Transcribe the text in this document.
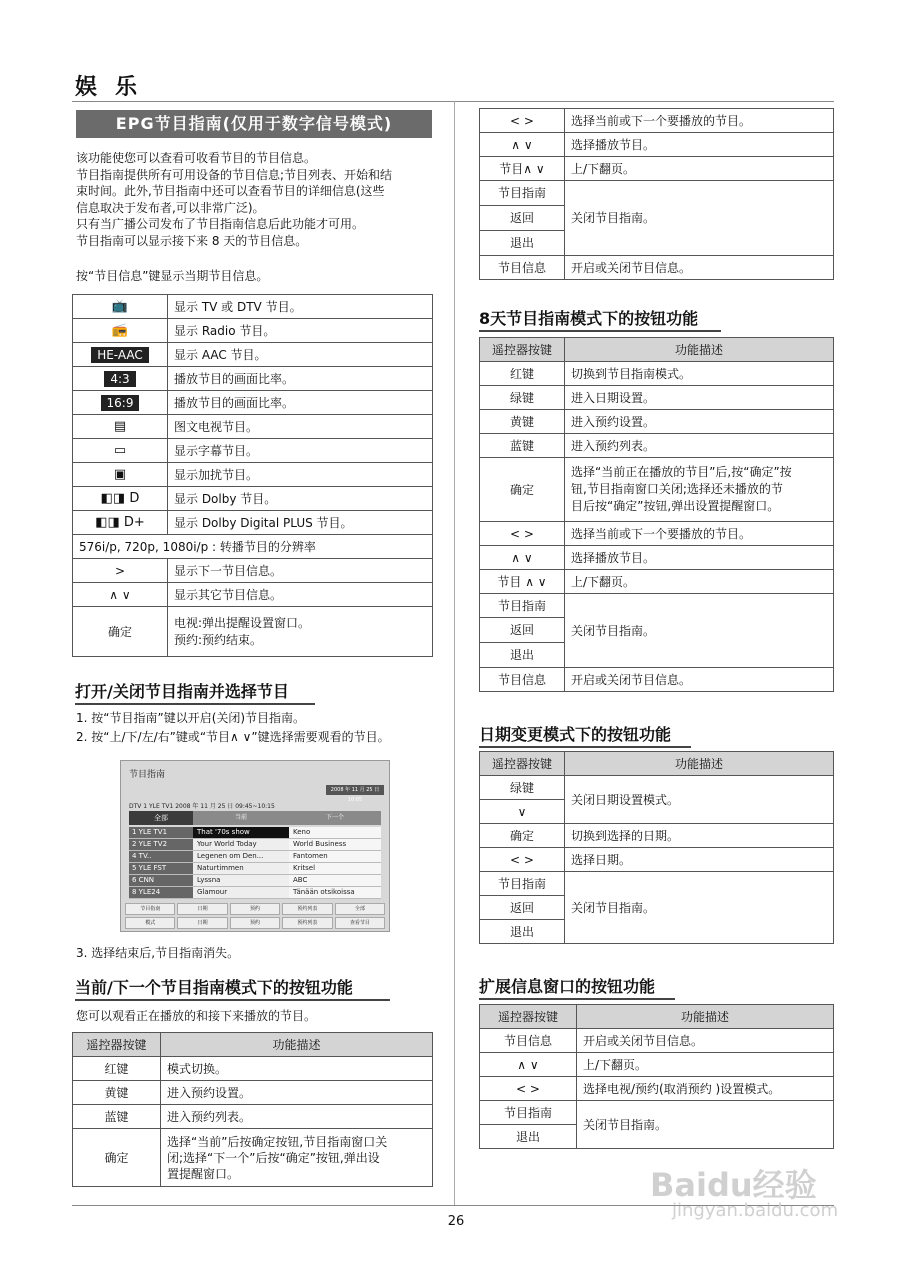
娱乐
26
EPG节目指南(仅用于数字信号模式)
该功能使您可以查看可收看节目的节目信息。
节目指南提供所有可用设备的节目信息;节目列表、开始和结
束时间。此外,节目指南中还可以查看节目的详细信息(这些
信息取决于发布者,可以非常广泛)。
只有当广播公司发布了节目指南信息后此功能才可用。
节目指南可以显示接下来 8 天的节目信息。
按“节目信息”键显示当期节目信息。
📺	显示 TV 或 DTV 节目。
📻	显示 Radio 节目。
HE-AAC	显示 AAC 节目。
4:3	播放节目的画面比率。
16:9	播放节目的画面比率。
▤	图文电视节目。
▭	显示字幕节目。
▣	显示加扰节目。
◧◨ D	显示 Dolby 节目。
◧◨ D+	显示 Dolby Digital PLUS 节目。
576i/p, 720p, 1080i/p : 转播节目的分辨率	
>	显示下一节目信息。
∧ ∨	显示其它节目信息。
确定	电视:弹出提醒设置窗口。
预约:预约结束。
打开/关闭节目指南并选择节目
1. 按“节目指南”键以开启(关闭)节目指南。
2. 按“上/下/左/右”键或“节目∧ ∨”键选择需要观看的节目。
节目指南
2008 年 11 月 25 日 10:05
DTV 1 YLE TV1 2008 年 11 月 25 日 09:45~10:15
全部	当前	下一个
1 YLE TV1	That '70s show	Keno
2 YLE TV2	Your World Today	World Business
4 TV..	Legenen om Den...	Fantomen
5 YLE FST	Naturtimmen	Kritsel
6 CNN	Lyssna	ABC
8 YLE24	Glamour	Tänään otsikoissa
节目指南	日期	预约	预约列表	全部
模式	日期	预约	预约列表	查看节目
3. 选择结束后,节目指南消失。
当前/下一个节目指南模式下的按钮功能
您可以观看正在播放的和接下来播放的节目。
遥控器按键	功能描述
红键	模式切换。
黄键	进入预约设置。
蓝键	进入预约列表。
确定	选择“当前”后按确定按钮,节目指南窗口关
闭;选择“下一个”后按“确定”按钮,弹出设
置提醒窗口。
< >	选择当前或下一个要播放的节目。
∧ ∨	选择播放节目。
节目∧ ∨	上/下翻页。
节目指南	关闭节目指南。
返回	
退出	
节目信息	开启或关闭节目信息。
8天节目指南模式下的按钮功能
遥控器按键	功能描述
红键	切换到节目指南模式。
绿键	进入日期设置。
黄键	进入预约设置。
蓝键	进入预约列表。
确定	选择“当前正在播放的节目”后,按“确定”按
钮,节目指南窗口关闭;选择还未播放的节
目后按“确定”按钮,弹出设置提醒窗口。

< >	选择当前或下一个要播放的节目。
∧ ∨	选择播放节目。
节目 ∧ ∨	上/下翻页。
节目指南	关闭节目指南。
返回	
退出	
节目信息	开启或关闭节目信息。
日期变更模式下的按钮功能
遥控器按键	功能描述
绿键	关闭日期设置模式。
∨	
确定	切换到选择的日期。
< >	选择日期。
节目指南	关闭节目指南。
返回	
退出	
扩展信息窗口的按钮功能
遥控器按键	功能描述
节目信息	开启或关闭节目信息。
∧ ∨	上/下翻页。
< >	选择电视/预约(取消预约 )设置模式。
节目指南	关闭节目指南。
退出	
Baidu经验
jingyan.baidu.com
